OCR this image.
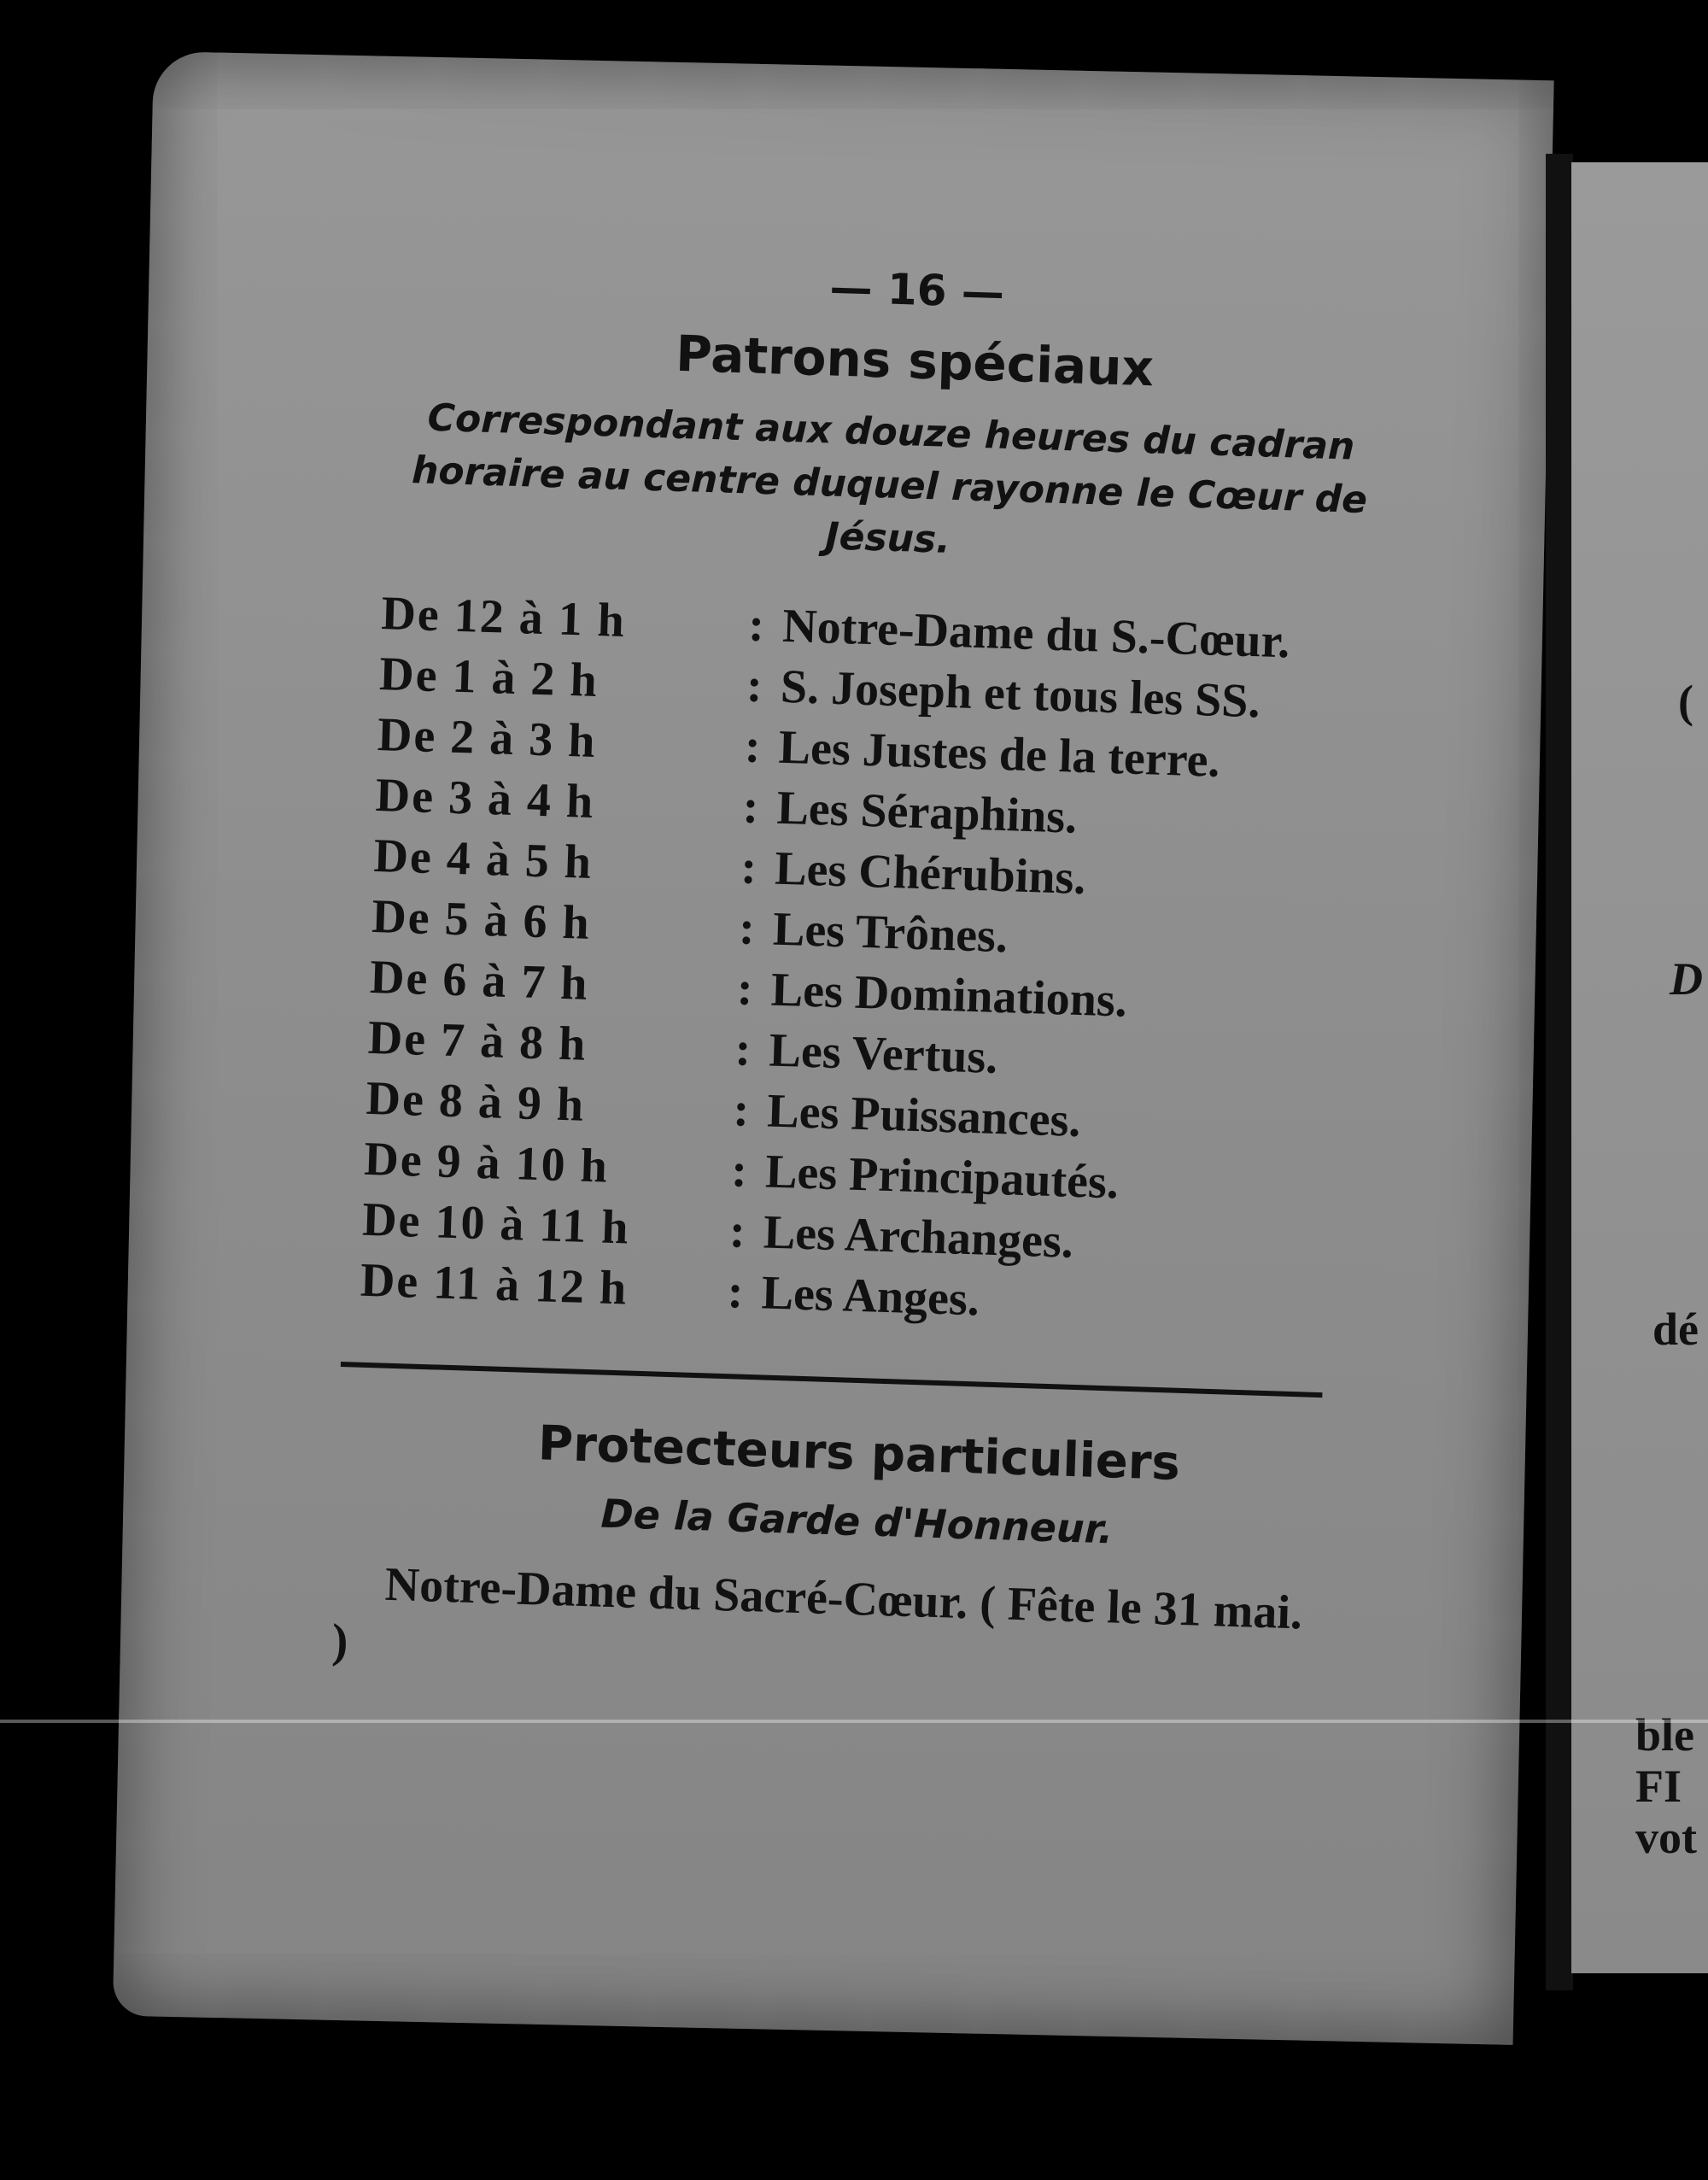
(
D
dé
ble
FI
vot
— 16 —
Patrons spéciaux
Correspondant aux douze heures du cadran horaire au centre duquel rayonne le Cœur de Jésus.
De 12 à 1 h	: Notre-Dame du S.-Cœur.
De 1 à 2 h	: S. Joseph et tous les SS.
De 2 à 3 h	: Les Justes de la terre.
De 3 à 4 h	: Les Séraphins.
De 4 à 5 h	: Les Chérubins.
De 5 à 6 h	: Les Trônes.
De 6 à 7 h	: Les Dominations.
De 7 à 8 h	: Les Vertus.
De 8 à 9 h	: Les Puissances.
De 9 à 10 h	: Les Principautés.
De 10 à 11 h	: Les Archanges.
De 11 à 12 h	: Les Anges.
Protecteurs particuliers
De la Garde d'Honneur.
Notre-Dame du Sacré-Cœur. ( Fête le 31 mai. )
